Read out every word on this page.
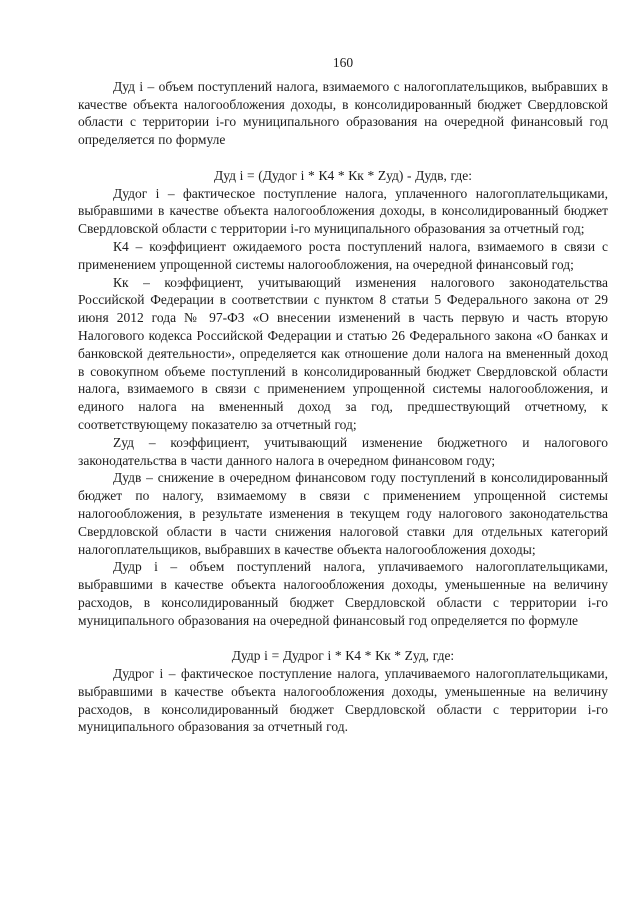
160

Дуд i – объем поступлений налога, взимаемого с налогоплательщиков, выбравших в качестве объекта налогообложения доходы, в консолидированный бюджет Свердловской области с территории i-го муниципального образования на очередной финансовый год определяется по формуле

Дуд i = (Дудог i * К4 * Кк * Zуд) - Дудв, где:

Дудог i – фактическое поступление налога, уплаченного налогоплательщиками, выбравшими в качестве объекта налогообложения доходы, в консолидированный бюджет Свердловской области с территории i-го муниципального образования за отчетный год;

К4 – коэффициент ожидаемого роста поступлений налога, взимаемого в связи с применением упрощенной системы налогообложения, на очередной финансовый год;

Кк – коэффициент, учитывающий изменения налогового законодательства Российской Федерации в соответствии с пунктом 8 статьи 5 Федерального закона от 29 июня 2012 года № 97-ФЗ «О внесении изменений в часть первую и часть вторую Налогового кодекса Российской Федерации и статью 26 Федерального закона «О банках и банковской деятельности», определяется как отношение доли налога на вмененный доход в совокупном объеме поступлений в консолидированный бюджет Свердловской области налога, взимаемого в связи с применением упрощенной системы налогообложения, и единого налога на вмененный доход за год, предшествующий отчетному, к соответствующему показателю за отчетный год;

Zуд – коэффициент, учитывающий изменение бюджетного и налогового законодательства в части данного налога в очередном финансовом году;

Дудв – снижение в очередном финансовом году поступлений в консолидированный бюджет по налогу, взимаемому в связи с применением упрощенной системы налогообложения, в результате изменения в текущем году налогового законодательства Свердловской области в части снижения налоговой ставки для отдельных категорий налогоплательщиков, выбравших в качестве объекта налогообложения доходы;

Дудр i – объем поступлений налога, уплачиваемого налогоплательщиками, выбравшими в качестве объекта налогообложения доходы, уменьшенные на величину расходов, в консолидированный бюджет Свердловской области с территории i-го муниципального образования на очередной финансовый год определяется по формуле

Дудр i = Дудрог i * К4 * Кк * Zуд, где:

Дудрог i – фактическое поступление налога, уплачиваемого налогоплательщиками, выбравшими в качестве объекта налогообложения доходы, уменьшенные на величину расходов, в консолидированный бюджет Свердловской области с территории i-го муниципального образования за отчетный год.
